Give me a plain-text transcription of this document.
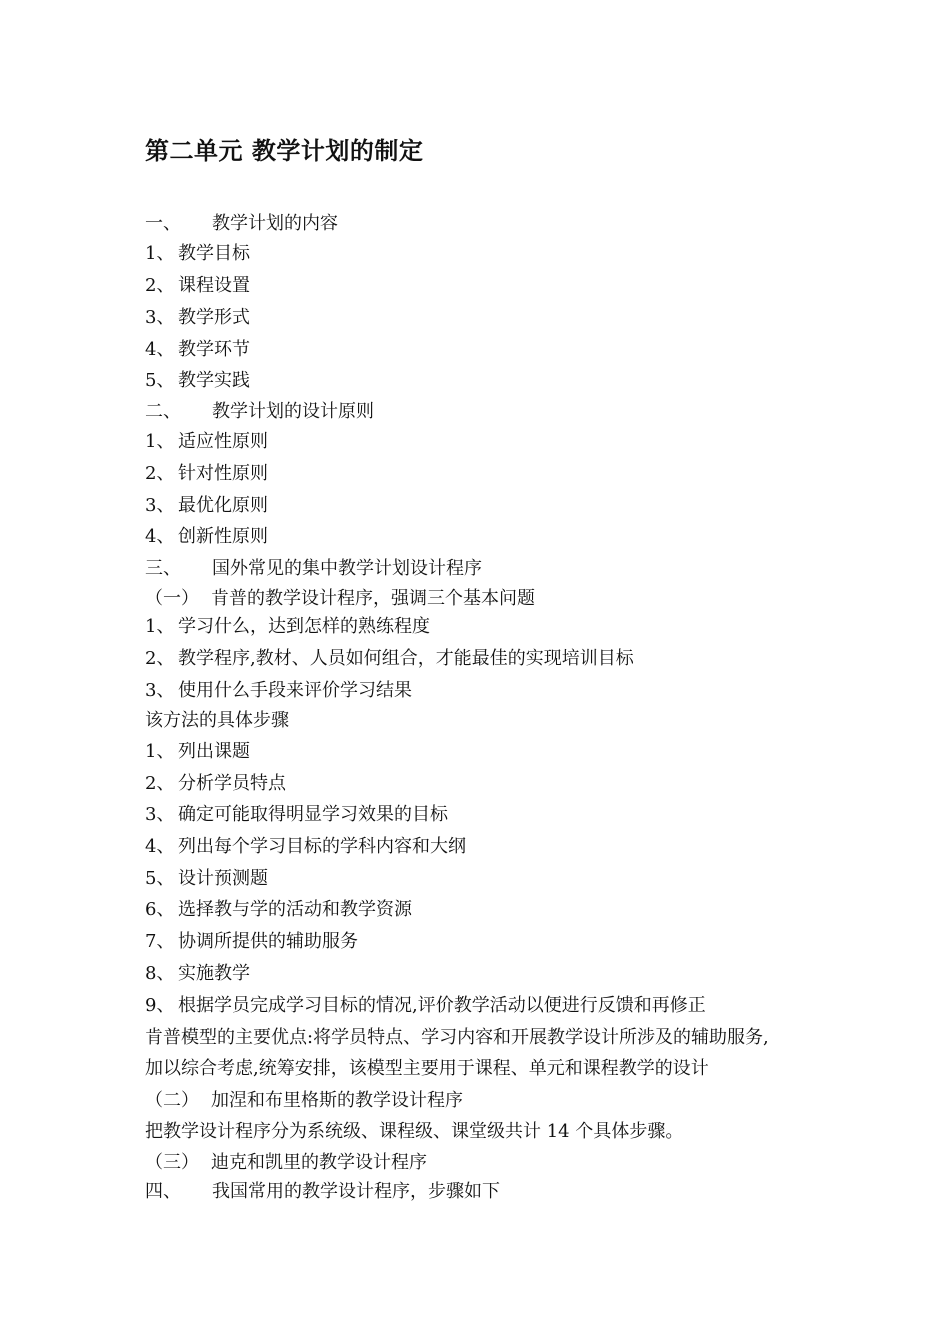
第二单元 教学计划的制定
一、 教学计划的内容
1、 教学目标
2、 课程设置
3、 教学形式
4、 教学环节
5、 教学实践
二、 教学计划的设计原则
1、 适应性原则
2、 针对性原则
3、 最优化原则
4、 创新性原则
三、 国外常见的集中教学计划设计程序
（一） 肯普的教学设计程序，强调三个基本问题
1、 学习什么，达到怎样的熟练程度
2、 教学程序,教材、人员如何组合，才能最佳的实现培训目标
3、 使用什么手段来评价学习结果
该方法的具体步骤
1、 列出课题
2、 分析学员特点
3、 确定可能取得明显学习效果的目标
4、 列出每个学习目标的学科内容和大纲
5、 设计预测题
6、 选择教与学的活动和教学资源
7、 协调所提供的辅助服务
8、 实施教学
9、 根据学员完成学习目标的情况,评价教学活动以便进行反馈和再修正
肯普模型的主要优点:将学员特点、学习内容和开展教学设计所涉及的辅助服务,
加以综合考虑,统筹安排，该模型主要用于课程、单元和课程教学的设计
（二） 加涅和布里格斯的教学设计程序
把教学设计程序分为系统级、课程级、课堂级共计 14 个具体步骤。
（三） 迪克和凯里的教学设计程序
四、 我国常用的教学设计程序，步骤如下
